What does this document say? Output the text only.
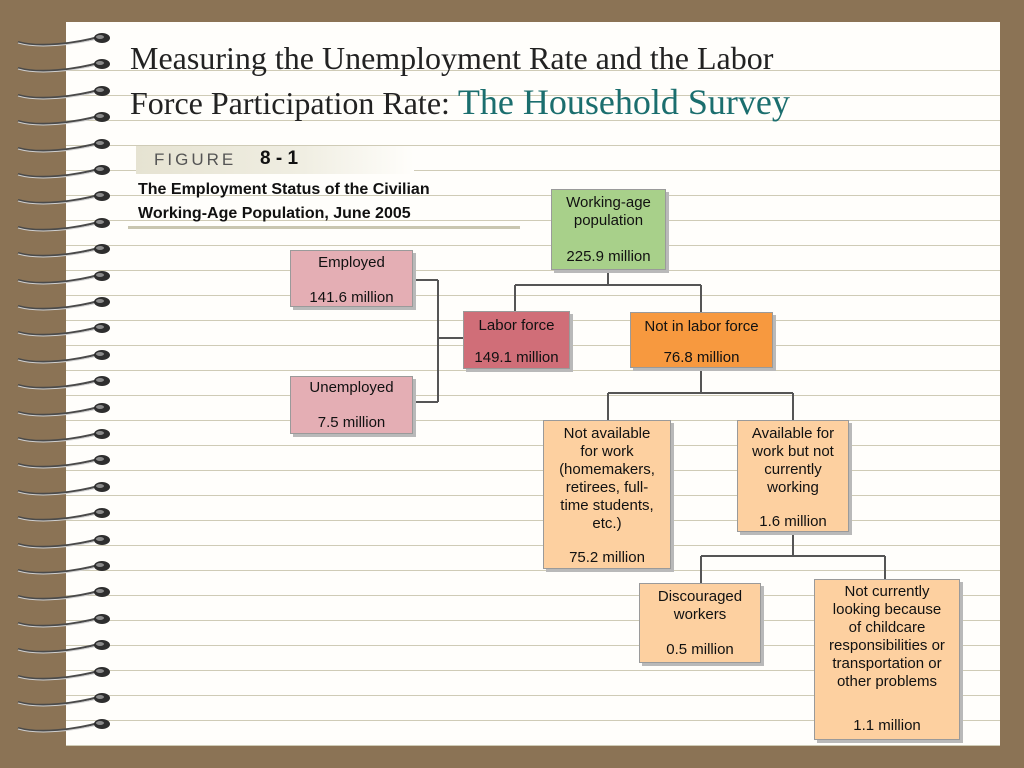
Measuring the Unemployment Rate and the Labor
Force Participation Rate: The Household Survey
FIGURE 8 - 1
The Employment Status of the Civilian
Working-Age Population, June 2005
Working-age
population
225.9 million
Labor force
149.1 million
Not in labor force
76.8 million
Employed
141.6 million
Unemployed
7.5 million
Not available
for work
(homemakers,
retirees, full-
time students,
etc.)
75.2 million
Available for
work but not
currently
working
1.6 million
Discouraged
workers
0.5 million
Not currently
looking because
of childcare
responsibilities or
transportation or
other problems
1.1 million
